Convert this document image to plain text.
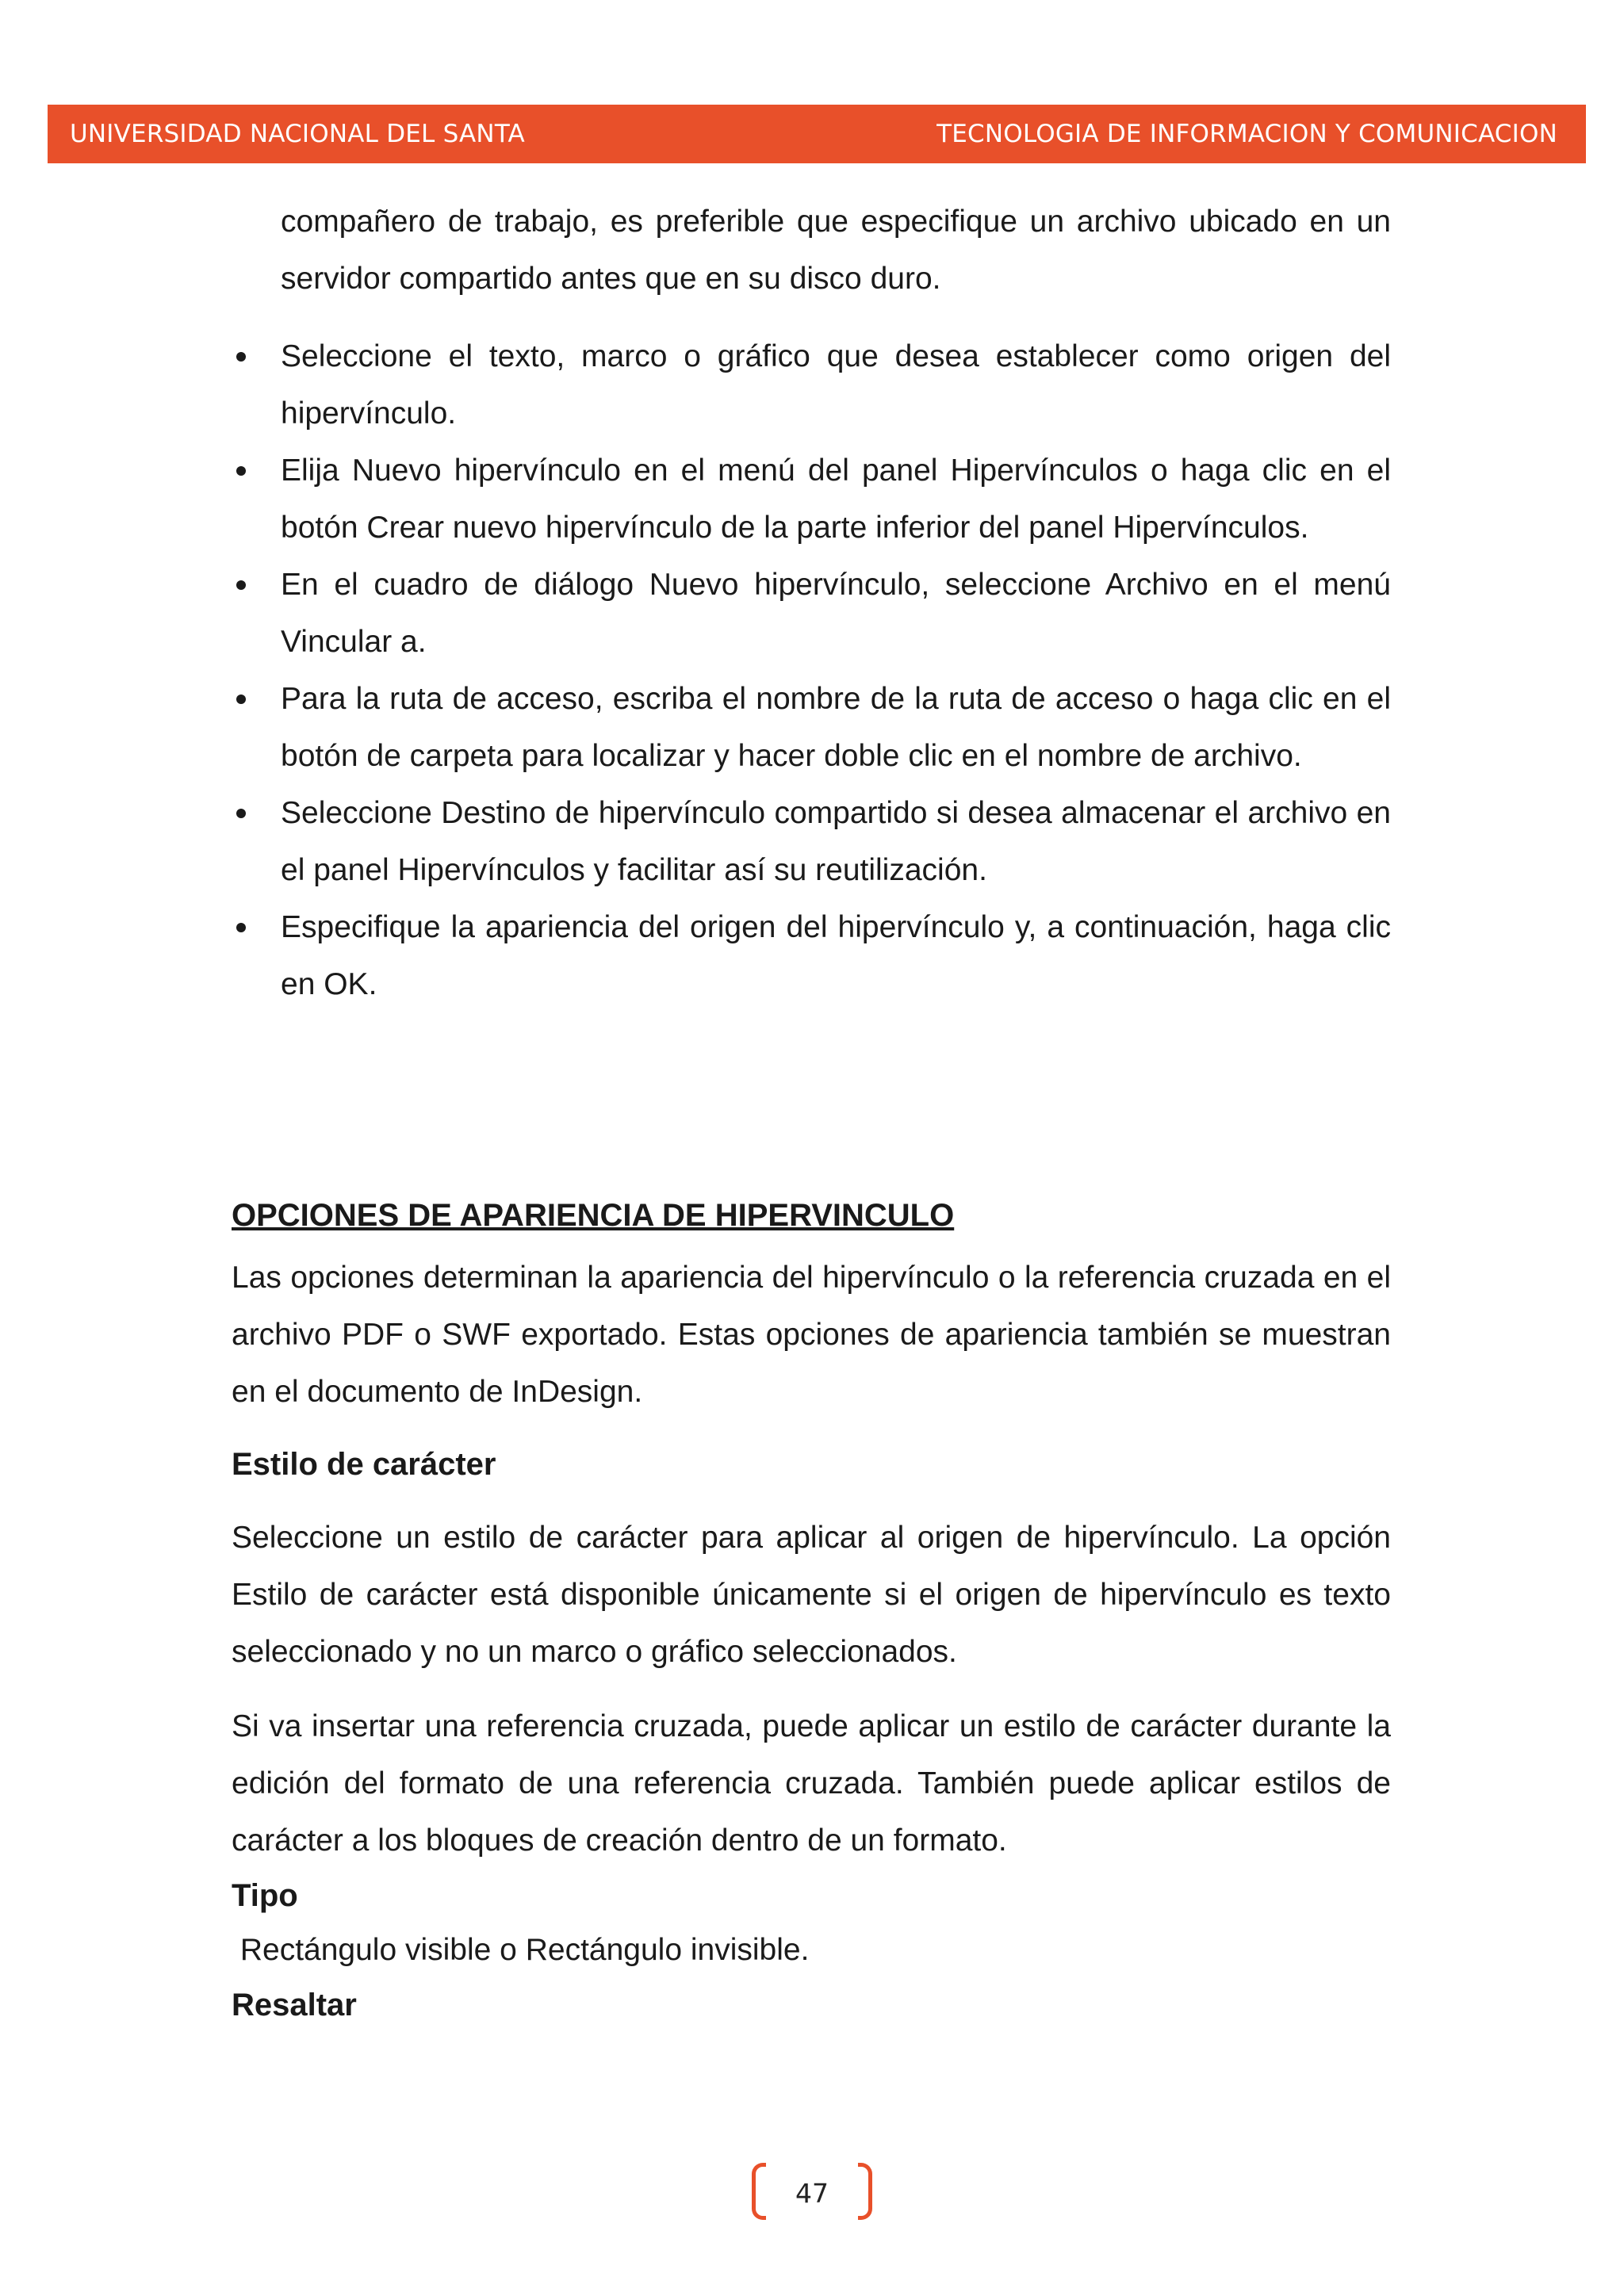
UNIVERSIDAD NACIONAL DEL SANTA	TECNOLOGIA DE INFORMACION Y COMUNICACION
compañero de trabajo, es preferible que especifique un archivo ubicado en un servidor compartido antes que en su disco duro.
Seleccione el texto, marco o gráfico que desea establecer como origen del hipervínculo.
Elija Nuevo hipervínculo en el menú del panel Hipervínculos o haga clic en el botón Crear nuevo hipervínculo de la parte inferior del panel Hipervínculos.
En el cuadro de diálogo Nuevo hipervínculo, seleccione Archivo en el menú Vincular a.
Para la ruta de acceso, escriba el nombre de la ruta de acceso o haga clic en el botón de carpeta para localizar y hacer doble clic en el nombre de archivo.
Seleccione Destino de hipervínculo compartido si desea almacenar el archivo en el panel Hipervínculos y facilitar así su reutilización.
Especifique la apariencia del origen del hipervínculo y, a continuación, haga clic en OK.
OPCIONES DE APARIENCIA DE HIPERVINCULO

Las opciones determinan la apariencia del hipervínculo o la referencia cruzada en el archivo PDF o SWF exportado. Estas opciones de apariencia también se muestran en el documento de InDesign.

Estilo de carácter

Seleccione un estilo de carácter para aplicar al origen de hipervínculo. La opción Estilo de carácter está disponible únicamente si el origen de hipervínculo es texto seleccionado y no un marco o gráfico seleccionados.

Si va insertar una referencia cruzada, puede aplicar un estilo de carácter durante la edición del formato de una referencia cruzada. También puede aplicar estilos de carácter a los bloques de creación dentro de un formato.

Tipo

Rectángulo visible o Rectángulo invisible.

Resaltar
47
